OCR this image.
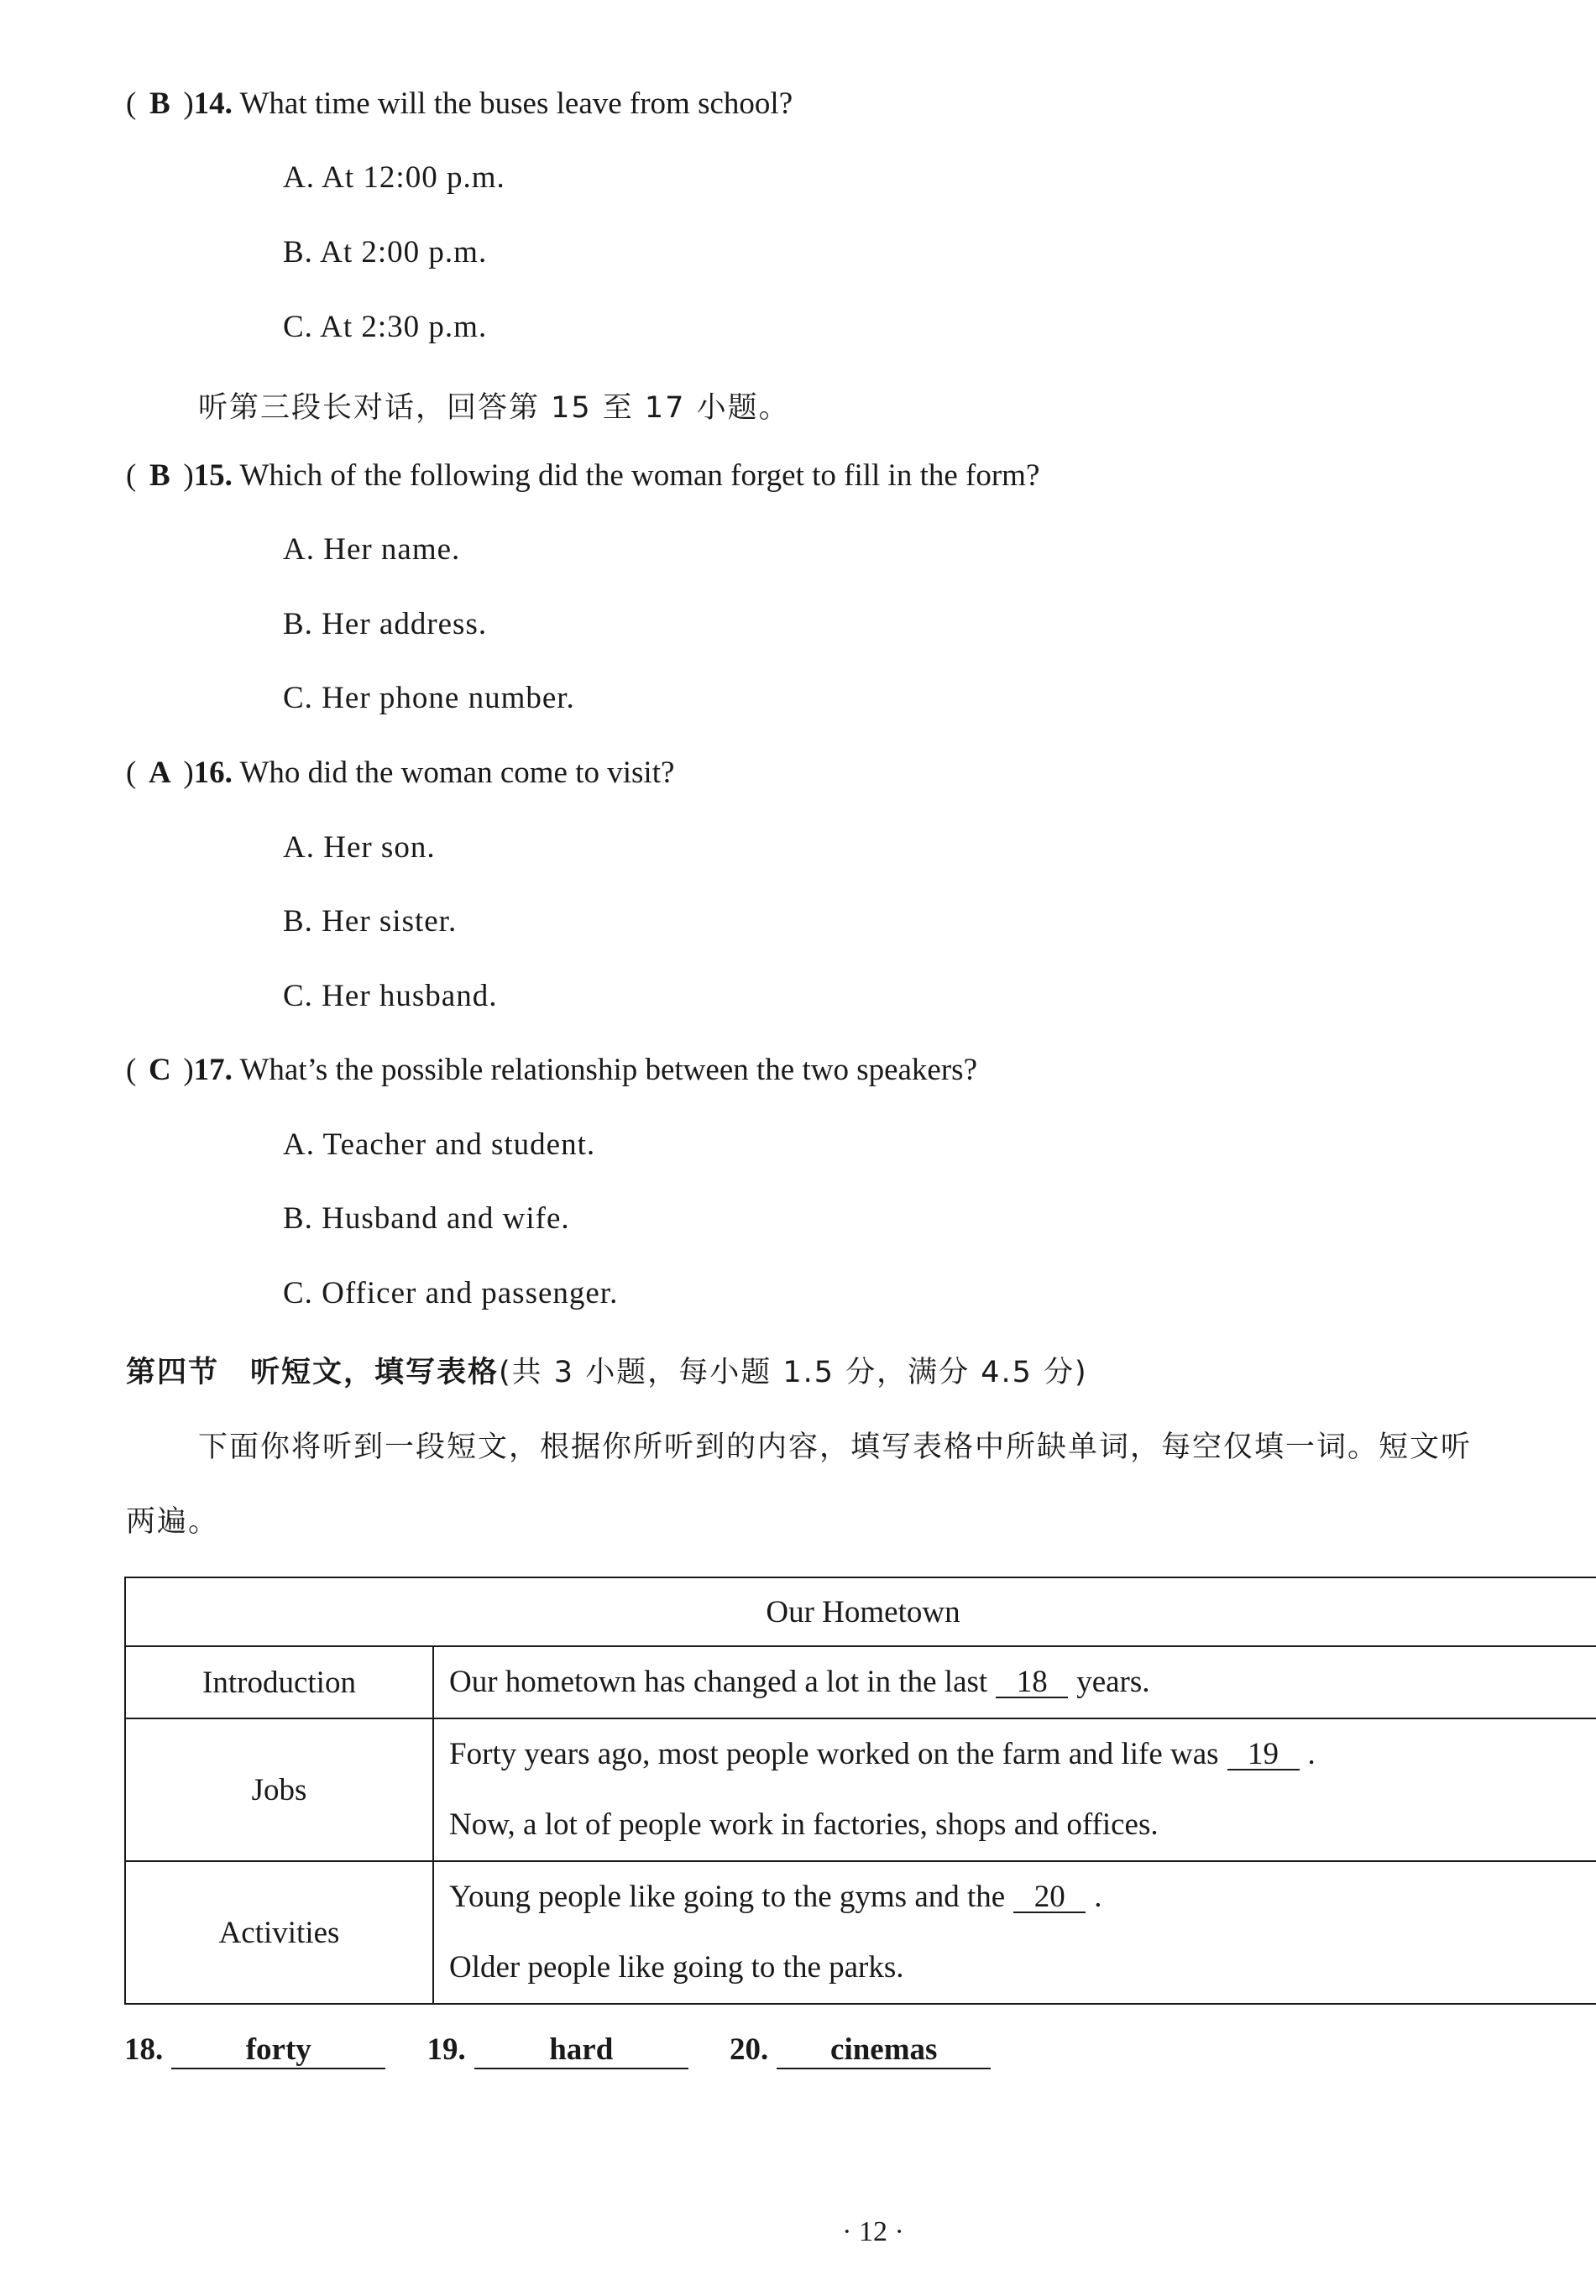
( B )14. What time will the buses leave from school?
A. At 12:00 p.m.
B. At 2:00 p.m.
C. At 2:30 p.m.
听第三段长对话，回答第 15 至 17 小题。
( B )15. Which of the following did the woman forget to fill in the form?
A. Her name.
B. Her address.
C. Her phone number.
( A )16. Who did the woman come to visit?
A. Her son.
B. Her sister.
C. Her husband.
( C )17. What’s the possible relationship between the two speakers?
A. Teacher and student.
B. Husband and wife.
C. Officer and passenger.
第四节　听短文，填写表格(共 3 小题，每小题 1.5 分，满分 4.5 分)
下面你将听到一段短文，根据你所听到的内容，填写表格中所缺单词，每空仅填一词。短文听
两遍。
Our Hometown	
Introduction	Our hometown has changed a lot in the last 18 years.

Jobs	Forty years ago, most people worked on the farm and life was 19 .
Now, a lot of people work in factories, shops and offices.

Activities	Young people like going to the gyms and the 20 .
Older people like going to the parks.
18.	forty	19.	hard	20. cinemas
· 12 ·
